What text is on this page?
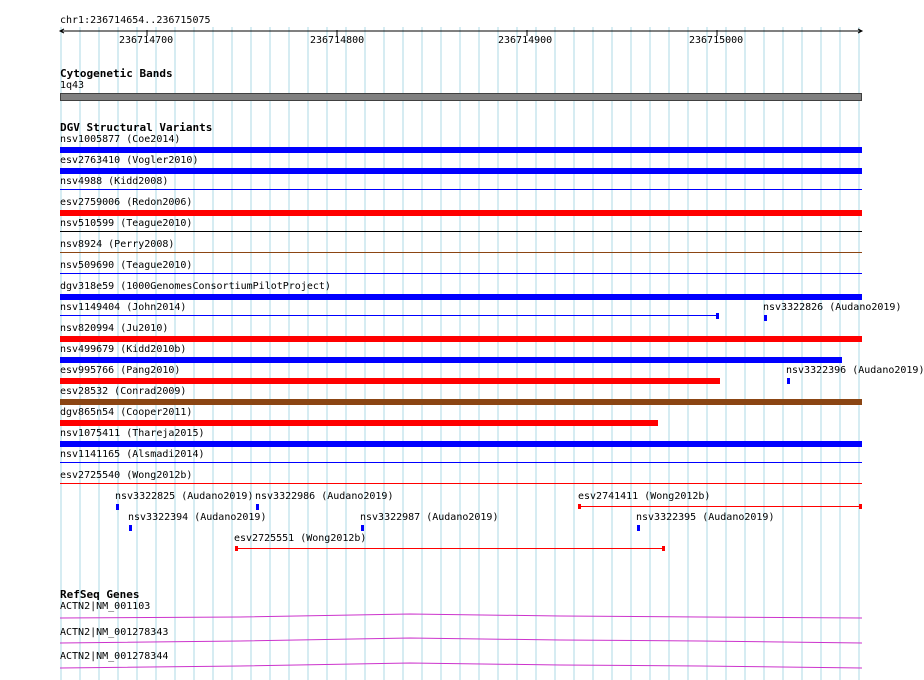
chr1:236714654..236715075
236714700	236714800	236714900	236715000
Cytogenetic Bands
1q43
DGV Structural Variants
nsv1005877 (Coe2014)
esv2763410 (Vogler2010)
nsv4988 (Kidd2008)
esv2759006 (Redon2006)
nsv510599 (Teague2010)
nsv8924 (Perry2008)
nsv509690 (Teague2010)
dgv318e59 (1000GenomesConsortiumPilotProject)
nsv1149404 (John2014)
nsv820994 (Ju2010)
nsv499679 (Kidd2010b)
esv995766 (Pang2010)
esv28532 (Conrad2009)
dgv865n54 (Cooper2011)
nsv1075411 (Thareja2015)
nsv1141165 (Alsmadi2014)
esv2725540 (Wong2012b)
nsv3322826 (Audano2019)
nsv3322396 (Audano2019)
nsv3322825 (Audano2019) nsv3322986 (Audano2019)	esv2741411 (Wong2012b)
nsv3322394 (Audano2019)	nsv3322987 (Audano2019)	nsv3322395 (Audano2019)
esv2725551 (Wong2012b)
RefSeq Genes
ACTN2|NM_001103
ACTN2|NM_001278343
ACTN2|NM_001278344
